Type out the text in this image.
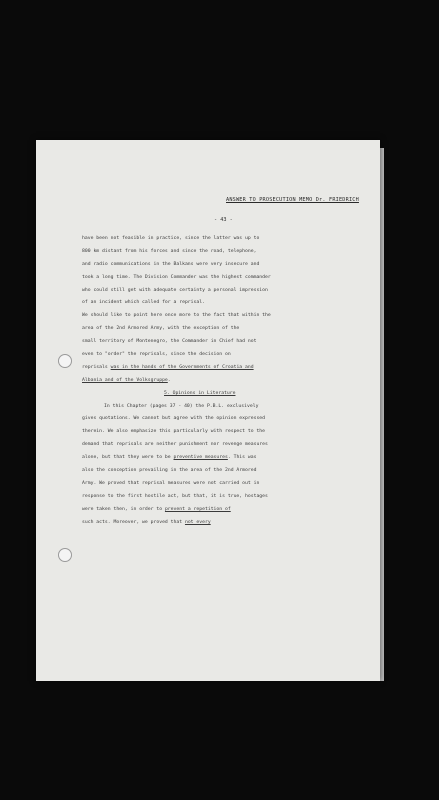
ANSWER TO PROSECUTION MEMO Dr. FRIEDRICH
- 43 -
have been not feasible in practice, since the latter was up to
800 km distant from his forces and since the road, telephone,
and radio communications in the Balkans were very insecure and
took a long time. The Division Commander was the highest commander
who could still get with adequate certainty a personal impression
of an incident which called for a reprisal.
We should like to point here once more to the fact that within the
area of the 2nd Armored Army, with the exception of the
small territory of Montenegro, the Commander in Chief had not
even to "order" the reprisals, since the decision on
reprisals was in the hands of the Governments of Croatia and
Albania and of the Volksgruppe.
5. Opinions in Literature
In this Chapter (pages 37 - 40) the P.B.L. exclusively
gives quotations. We cannot but agree with the opinion expressed
therein. We also emphasize this particularly with respect to the
demand that reprisals are neither punishment nor revenge measures
alone, but that they were to be preventive measures. This was
also the conception prevailing in the area of the 2nd Armored
Army. We proved that reprisal measures were not carried out in
response to the first hostile act, but that, it is true, hostages
were taken then, in order to prevent a repetition of
such acts. Moreover, we proved that not every
